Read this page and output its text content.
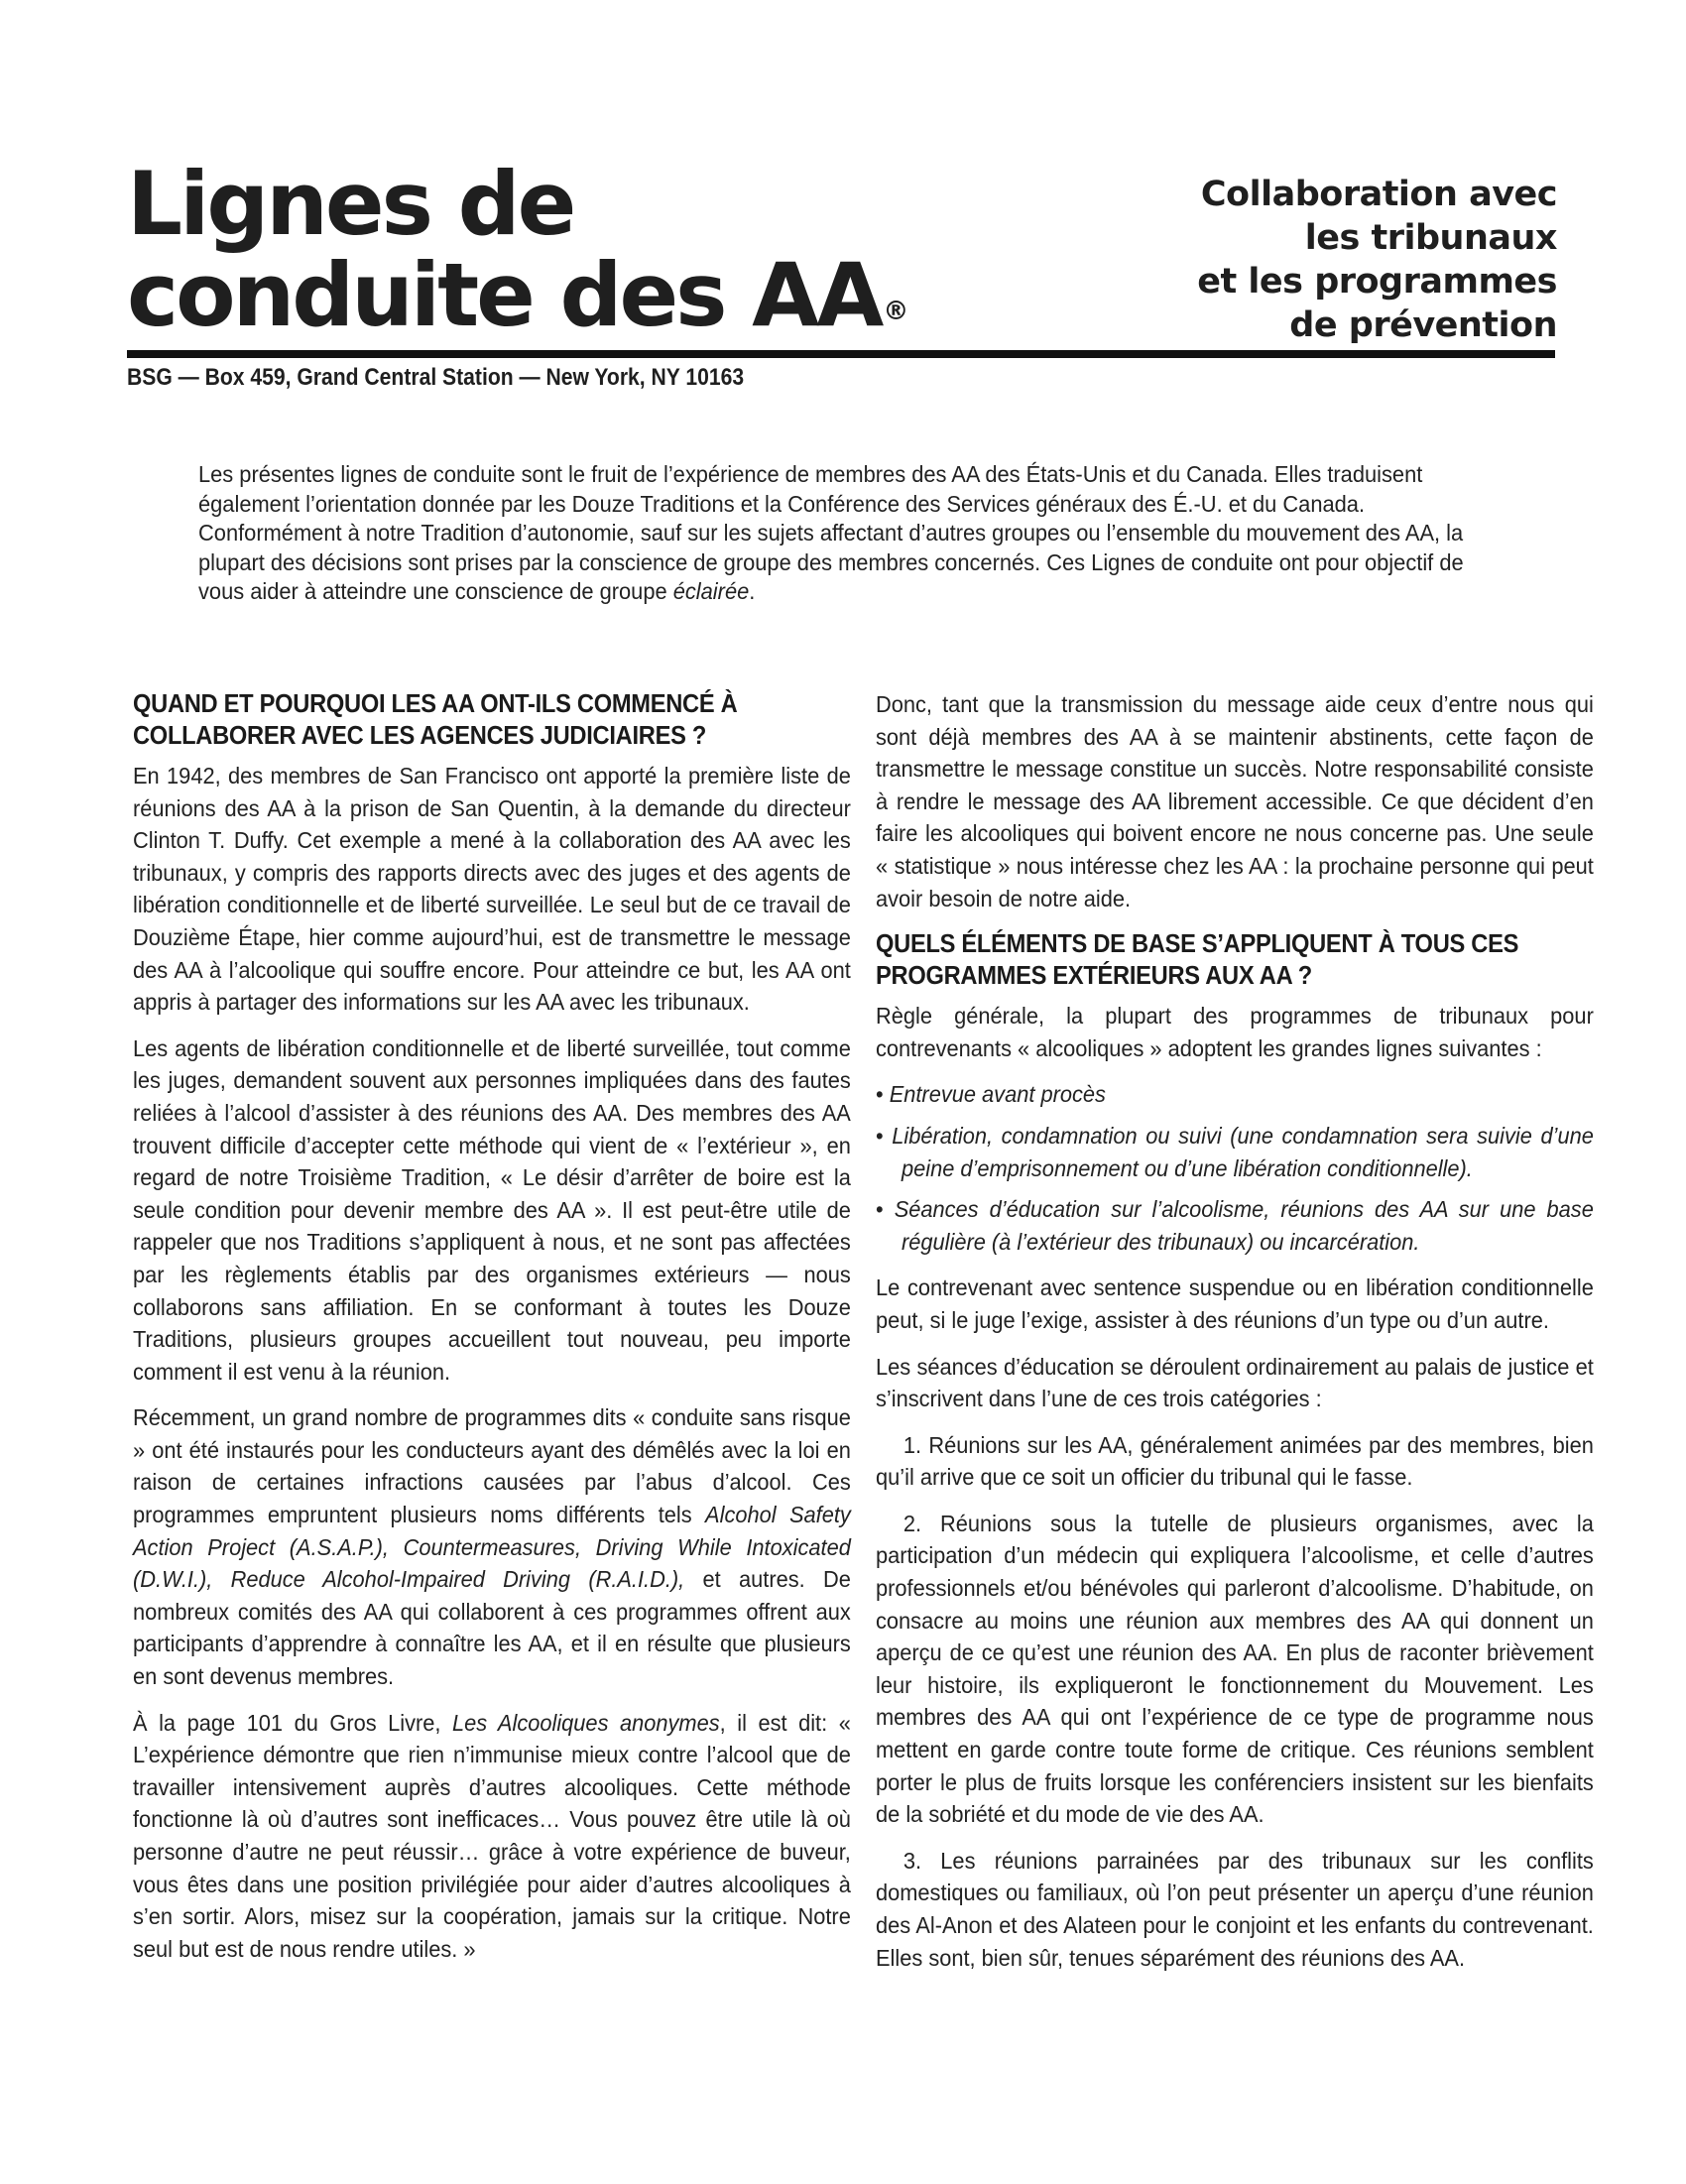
Lignes de
conduite des AA®
Collaboration avec
les tribunaux
et les programmes
de prévention
BSG — Box 459, Grand Central Station — New York, NY 10163
Les présentes lignes de conduite sont le fruit de l’expérience de membres des AA des États-Unis et du Canada. Elles traduisent également l’orientation donnée par les Douze Traditions et la Conférence des Services généraux des É.-U. et du Canada. Conformément à notre Tradition d’autonomie, sauf sur les sujets affectant d’autres groupes ou l’ensemble du mouvement des AA, la plupart des décisions sont prises par la conscience de groupe des membres concernés. Ces Lignes de conduite ont pour objectif de vous aider à atteindre une conscience de groupe éclairée.
QUAND ET POURQUOI LES AA ONT-ILS COMMENCÉ À COLLABORER AVEC LES AGENCES JUDICIAIRES ?

En 1942, des membres de San Francisco ont apporté la première liste de réunions des AA à la prison de San Quentin, à la demande du directeur Clinton T. Duffy. Cet exemple a mené à la collaboration des AA avec les tribunaux, y compris des rapports directs avec des juges et des agents de libération conditionnelle et de liberté surveillée. Le seul but de ce travail de Douzième Étape, hier comme aujourd’hui, est de transmettre le message des AA à l’alcoolique qui souffre encore. Pour atteindre ce but, les AA ont appris à partager des informations sur les AA avec les tribunaux.

Les agents de libération conditionnelle et de liberté surveillée, tout comme les juges, demandent souvent aux personnes impliquées dans des fautes reliées à l’alcool d’assister à des réunions des AA. Des membres des AA trouvent difficile d’accepter cette méthode qui vient de « l’extérieur », en regard de notre Troisième Tradition, « Le désir d’arrêter de boire est la seule condition pour devenir membre des AA ». Il est peut-être utile de rappeler que nos Traditions s’appliquent à nous, et ne sont pas affectées par les règlements établis par des organismes extérieurs — nous collaborons sans affiliation. En se conformant à toutes les Douze Traditions, plusieurs groupes accueillent tout nouveau, peu importe comment il est venu à la réunion.

Récemment, un grand nombre de programmes dits « conduite sans risque » ont été instaurés pour les conducteurs ayant des démêlés avec la loi en raison de certaines infractions causées par l’abus d’alcool. Ces programmes empruntent plusieurs noms différents tels Alcohol Safety Action Project (A.S.A.P.), Countermeasures, Driving While Intoxicated (D.W.I.), Reduce Alcohol-Impaired Driving (R.A.I.D.), et autres. De nombreux comités des AA qui collaborent à ces programmes offrent aux participants d’apprendre à connaître les AA, et il en résulte que plusieurs en sont devenus membres.

À la page 101 du Gros Livre, Les Alcooliques anonymes, il est dit: « L’expérience démontre que rien n’immunise mieux contre l’alcool que de travailler intensivement auprès d’autres alcooliques. Cette méthode fonctionne là où d’autres sont inefficaces… Vous pouvez être utile là où personne d’autre ne peut réussir… grâce à votre expérience de buveur, vous êtes dans une position privilégiée pour aider d’autres alcooliques à s’en sortir. Alors, misez sur la coopération, jamais sur la critique. Notre seul but est de nous rendre utiles. »

Donc, tant que la transmission du message aide ceux d’entre nous qui sont déjà membres des AA à se maintenir abstinents, cette façon de transmettre le message constitue un succès. Notre responsabilité consiste à rendre le message des AA librement accessible. Ce que décident d’en faire les alcooliques qui boivent encore ne nous concerne pas. Une seule « statistique » nous intéresse chez les AA : la prochaine personne qui peut avoir besoin de notre aide.

QUELS ÉLÉMENTS DE BASE S’APPLIQUENT À TOUS CES PROGRAMMES EXTÉRIEURS AUX AA ?

Règle générale, la plupart des programmes de tribunaux pour contrevenants « alcooliques » adoptent les grandes lignes suivantes :

• Entrevue avant procès
• Libération, condamnation ou suivi (une condamnation sera suivie d’une peine d’emprisonnement ou d’une libération conditionnelle).
• Séances d’éducation sur l’alcoolisme, réunions des AA sur une base régulière (à l’extérieur des tribunaux) ou incarcération.

Le contrevenant avec sentence suspendue ou en libération conditionnelle peut, si le juge l’exige, assister à des réunions d’un type ou d’un autre.

Les séances d’éducation se déroulent ordinairement au palais de justice et s’inscrivent dans l’une de ces trois catégories :

1. Réunions sur les AA, généralement animées par des membres, bien qu’il arrive que ce soit un officier du tribunal qui le fasse.

2. Réunions sous la tutelle de plusieurs organismes, avec la participation d’un médecin qui expliquera l’alcoolisme, et celle d’autres professionnels et/ou bénévoles qui parleront d’alcoolisme. D’habitude, on consacre au moins une réunion aux membres des AA qui donnent un aperçu de ce qu’est une réunion des AA. En plus de raconter brièvement leur histoire, ils expliqueront le fonctionnement du Mouvement. Les membres des AA qui ont l’expérience de ce type de programme nous mettent en garde contre toute forme de critique. Ces réunions semblent porter le plus de fruits lorsque les conférenciers insistent sur les bienfaits de la sobriété et du mode de vie des AA.

3. Les réunions parrainées par des tribunaux sur les conflits domestiques ou familiaux, où l’on peut présenter un aperçu d’une réunion des Al-Anon et des Alateen pour le conjoint et les enfants du contrevenant. Elles sont, bien sûr, tenues séparément des réunions des AA.
